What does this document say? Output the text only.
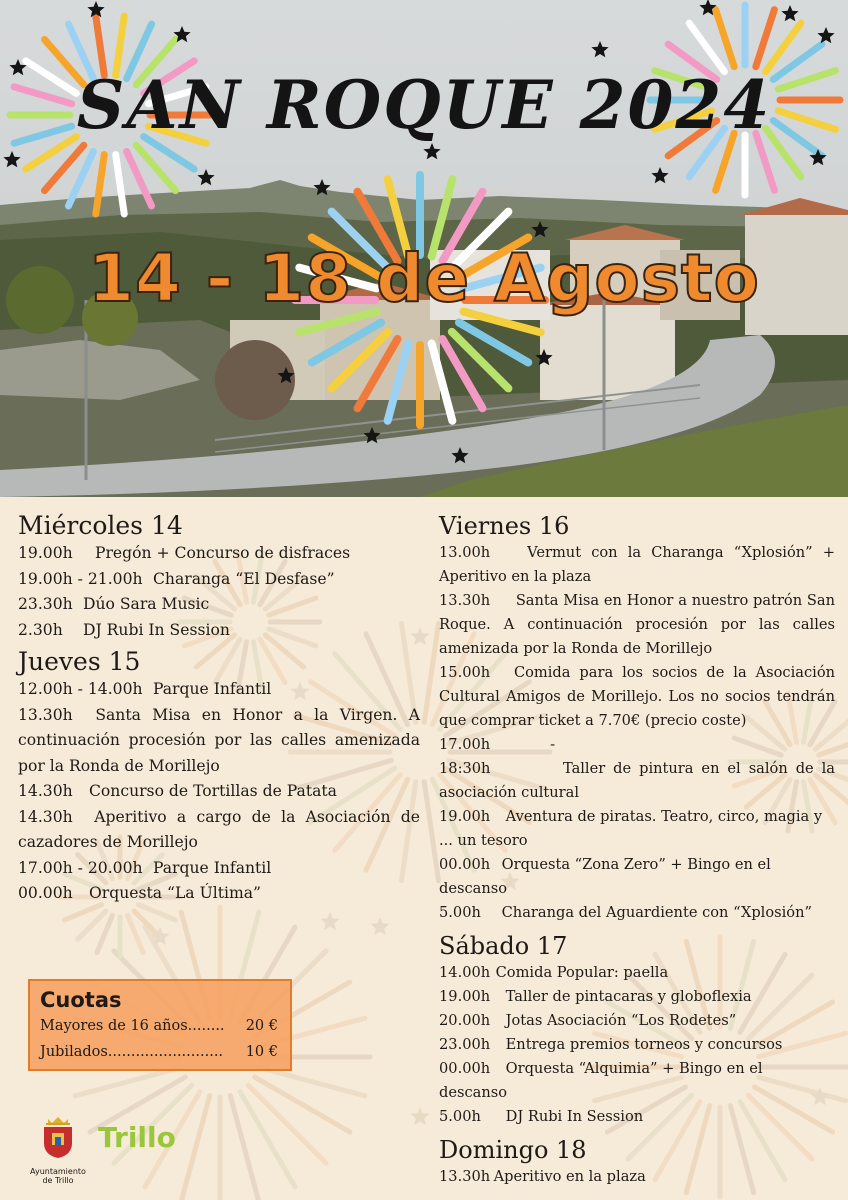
SAN ROQUE 2024
14 - 18 de Agosto
Miércoles 14
19.00h Pregón + Concurso de disfraces
19.00h - 21.00h Charanga “El Desfase”
23.30h Dúo Sara Music
2.30h DJ Rubi In Session
Jueves 15
12.00h - 14.00h Parque Infantil
13.30h Santa Misa en Honor a la Virgen. A continuación procesión por las calles amenizada por la Ronda de Morillejo
14.30h Concurso de Tortillas de Patata
14.30h Aperitivo a cargo de la Asociación de cazadores de Morillejo
17.00h - 20.00h Parque Infantil
00.00h Orquesta “La Última”
Viernes 16
13.00h	Vermut con la Charanga “Xplosión” + Aperitivo en la plaza
13.30h Santa Misa en Honor a nuestro patrón San Roque. A continuación procesión por las calles amenizada por la Ronda de Morillejo
15.00h Comida para los socios de la Asociación Cultural Amigos de Morillejo. Los no socios tendrán que comprar ticket a 7.70€ (precio coste)
17.00h - 18:30h	Taller de pintura en el salón de la asociación cultural
19.00h Aventura de piratas. Teatro, circo, magia y ... un tesoro
00.00h Orquesta “Zona Zero” + Bingo en el descanso
5.00h Charanga del Aguardiente con “Xplosión”
Sábado 17
14.00h Comida Popular: paella
19.00h Taller de pintacaras y globoflexia
20.00h Jotas Asociación “Los Rodetes”
23.00h Entrega premios torneos y concursos
00.00h Orquesta “Alquimia” + Bingo en el descanso
5.00h DJ Rubi In Session
Domingo 18
13.30h Aperitivo en la plaza
Cuotas
Mayores de 16 años........ 20 €
Jubilados......................... 10 €
Ayuntamiento de Trillo
Trillo
